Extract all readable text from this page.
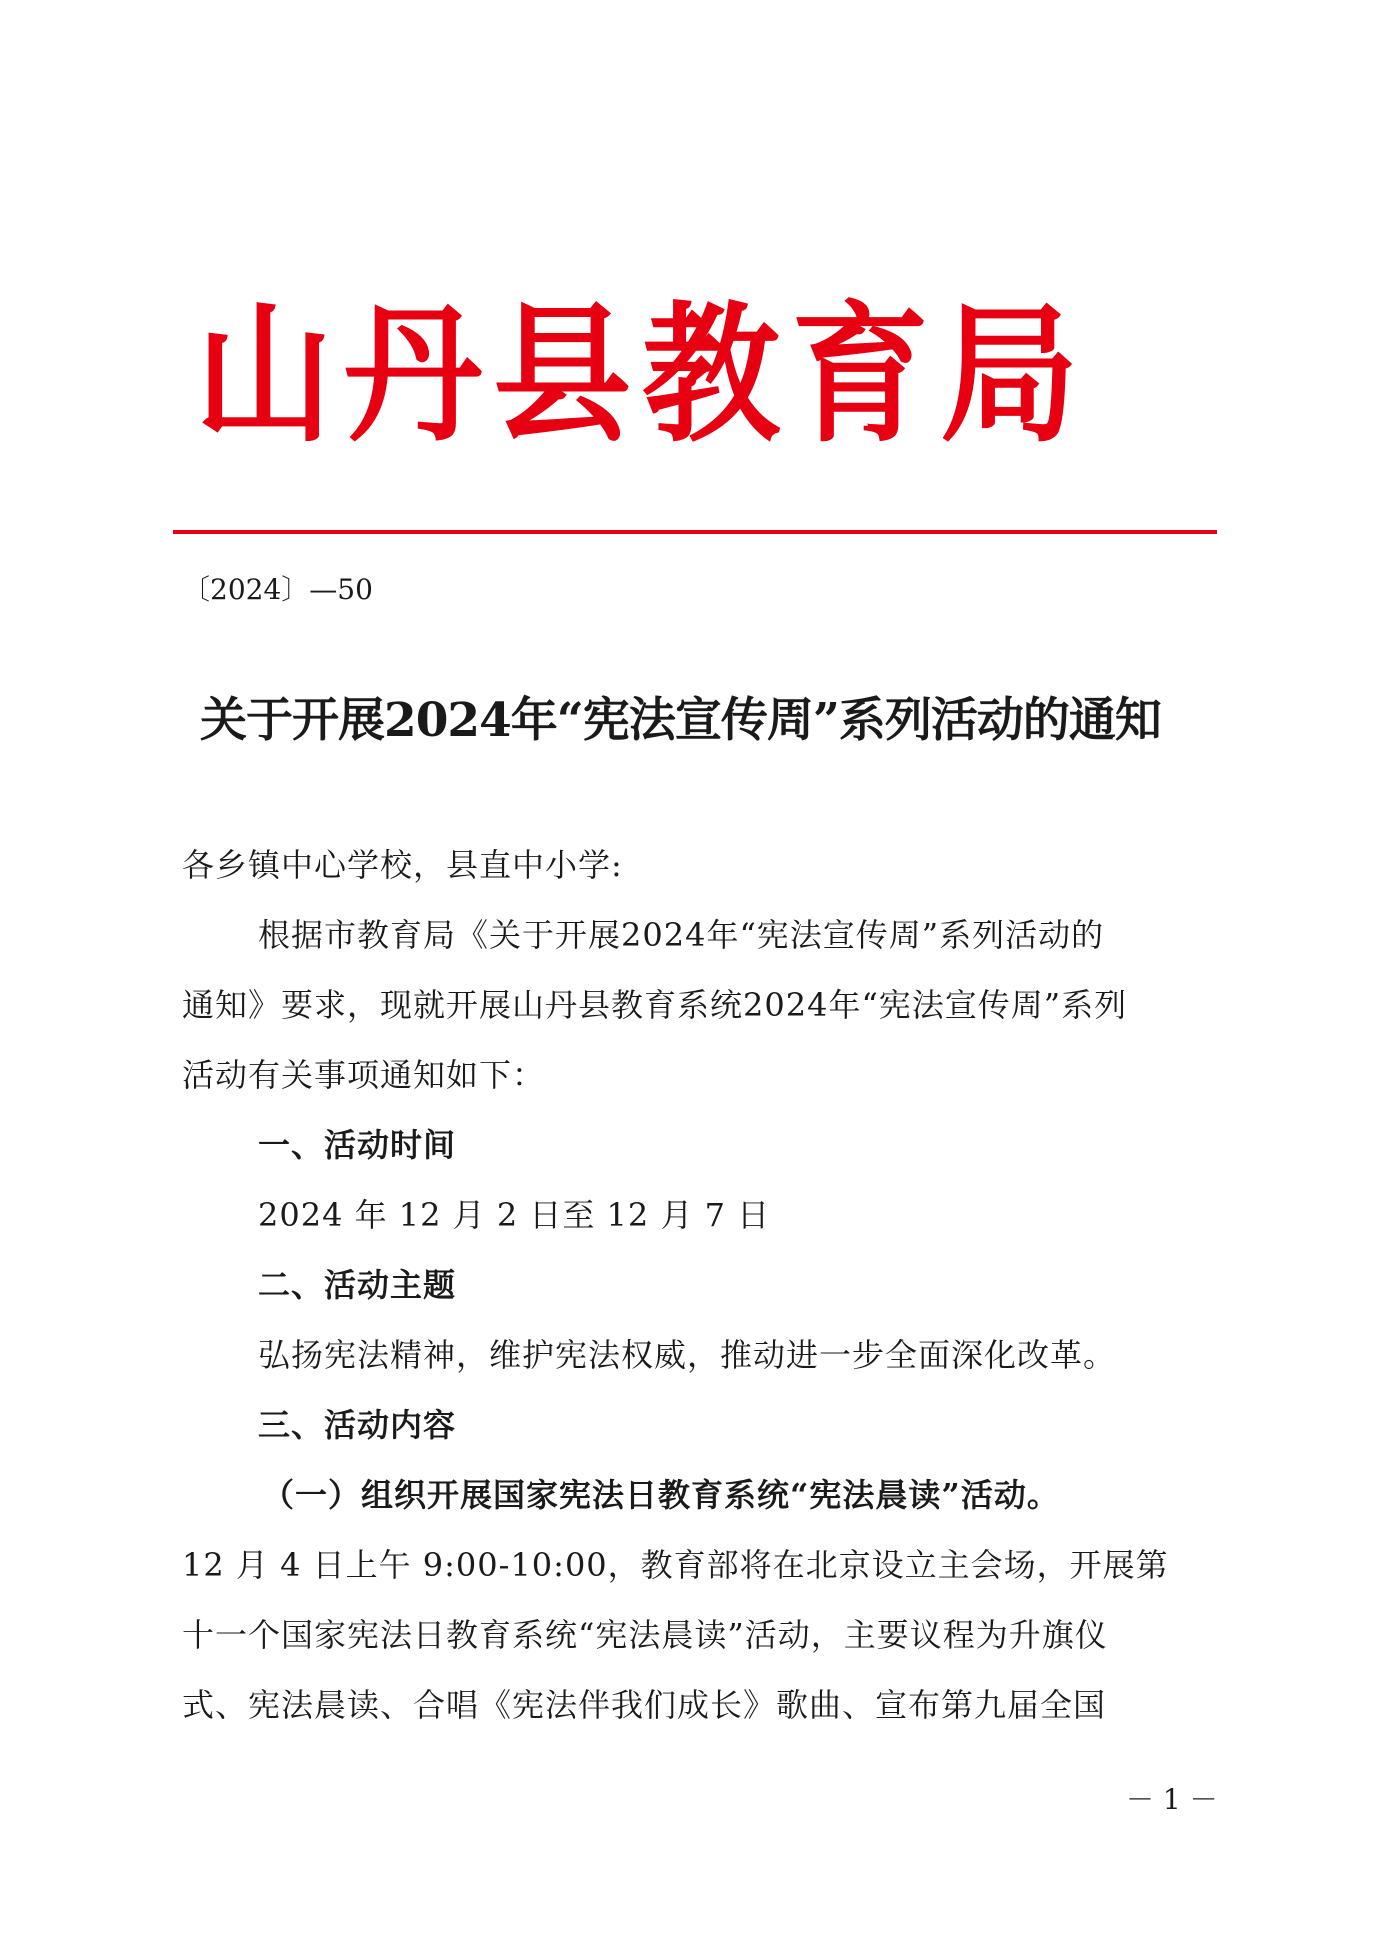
山丹县教育局
〔2024〕—50
关于开展2024年“宪法宣传周”系列活动的通知
各乡镇中心学校，县直中小学:
根据市教育局《关于开展2024年“宪法宣传周”系列活动的
通知》要求，现就开展山丹县教育系统2024年“宪法宣传周”系列
活动有关事项通知如下：
一、活动时间
2024 年 12 月 2 日至 12 月 7 日
二、活动主题
弘扬宪法精神，维护宪法权威，推动进一步全面深化改革。
三、活动内容
（一）组织开展国家宪法日教育系统“宪法晨读”活动。
12 月 4 日上午 9:00-10:00，教育部将在北京设立主会场，开展第
十一个国家宪法日教育系统“宪法晨读”活动，主要议程为升旗仪
式、宪法晨读、合唱《宪法伴我们成长》歌曲、宣布第九届全国
－ 1 －
